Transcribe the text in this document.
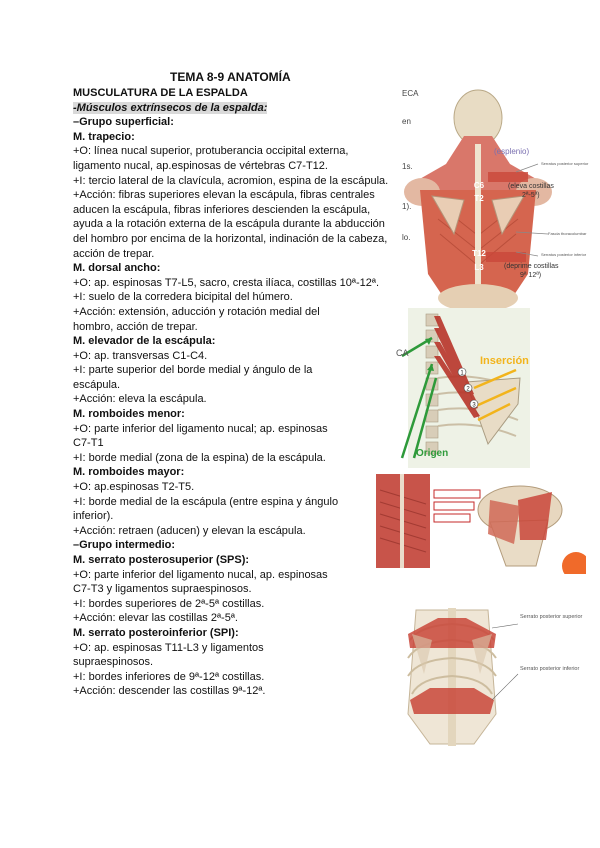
TEMA 8-9 ANATOMÍA
MUSCULATURA DE LA ESPALDA
-Músculos extrínsecos de la espalda:
–Grupo superficial:
M. trapecio:
+O: línea nucal superior, protuberancia occipital externa,
ligamento nucal, ap.espinosas de vértebras C7-T12.
+I: tercio lateral de la clavícula, acromion, espina de la escápula.
+Acción: fibras superiores elevan la escápula, fibras centrales
aducen la escápula, fibras inferiores descienden la escápula,
ayuda a la rotación externa de la escápula durante la abducción
del hombro por encima de la horizontal, indinación de la cabeza,
acción de trepar.
M. dorsal ancho:
+O: ap. espinosas T7-L5, sacro, cresta ilíaca, costillas 10ª-12ª.
+I: suelo de la corredera bicipital del húmero.
+Acción: extensión, aducción y rotación medial del
hombro, acción de trepar.
M. elevador de la escápula:
+O: ap. transversas C1-C4.
+I: parte superior del borde medial y ángulo de la
escápula.
+Acción: eleva la escápula.
M. romboides menor:
+O: parte inferior del ligamento nucal; ap. espinosas
C7-T1
+I: borde medial (zona de la espina) de la escápula.
M. romboides mayor:
+O: ap.espinosas T2-T5.
+I: borde medial de la escápula (entre espina y ángulo
inferior).
+Acción: retraen (aducen) y elevan la escápula.
–Grupo intermedio:
M. serrato posterosuperior (SPS):
+O: parte inferior del ligamento nucal, ap. espinosas
C7-T3 y ligamentos supraespinosos.
+I: bordes superiores de 2ª-5ª costillas.
+Acción: elevar las costillas 2ª-5ª.
M. serrato posteroinferior (SPI):
+O: ap. espinosas T11-L3 y ligamentos
supraespinosos.
+I: bordes inferiores de 9ª-12ª costillas.
+Acción: descender las costillas 9ª-12ª.
Serratus posterior superior
Fascia thoracolumbar
Serratus posterior inferior
C6
T2
T12
L3
(esplenio)
(eleva costillas
2ª-5ª)
(deprime costillas
9ª 12ª)
ECA
en
1s.
1).
lo.
1
2
3
Inserción
Origen
CA
Serrato posterior superior
Serrato posterior inferior
